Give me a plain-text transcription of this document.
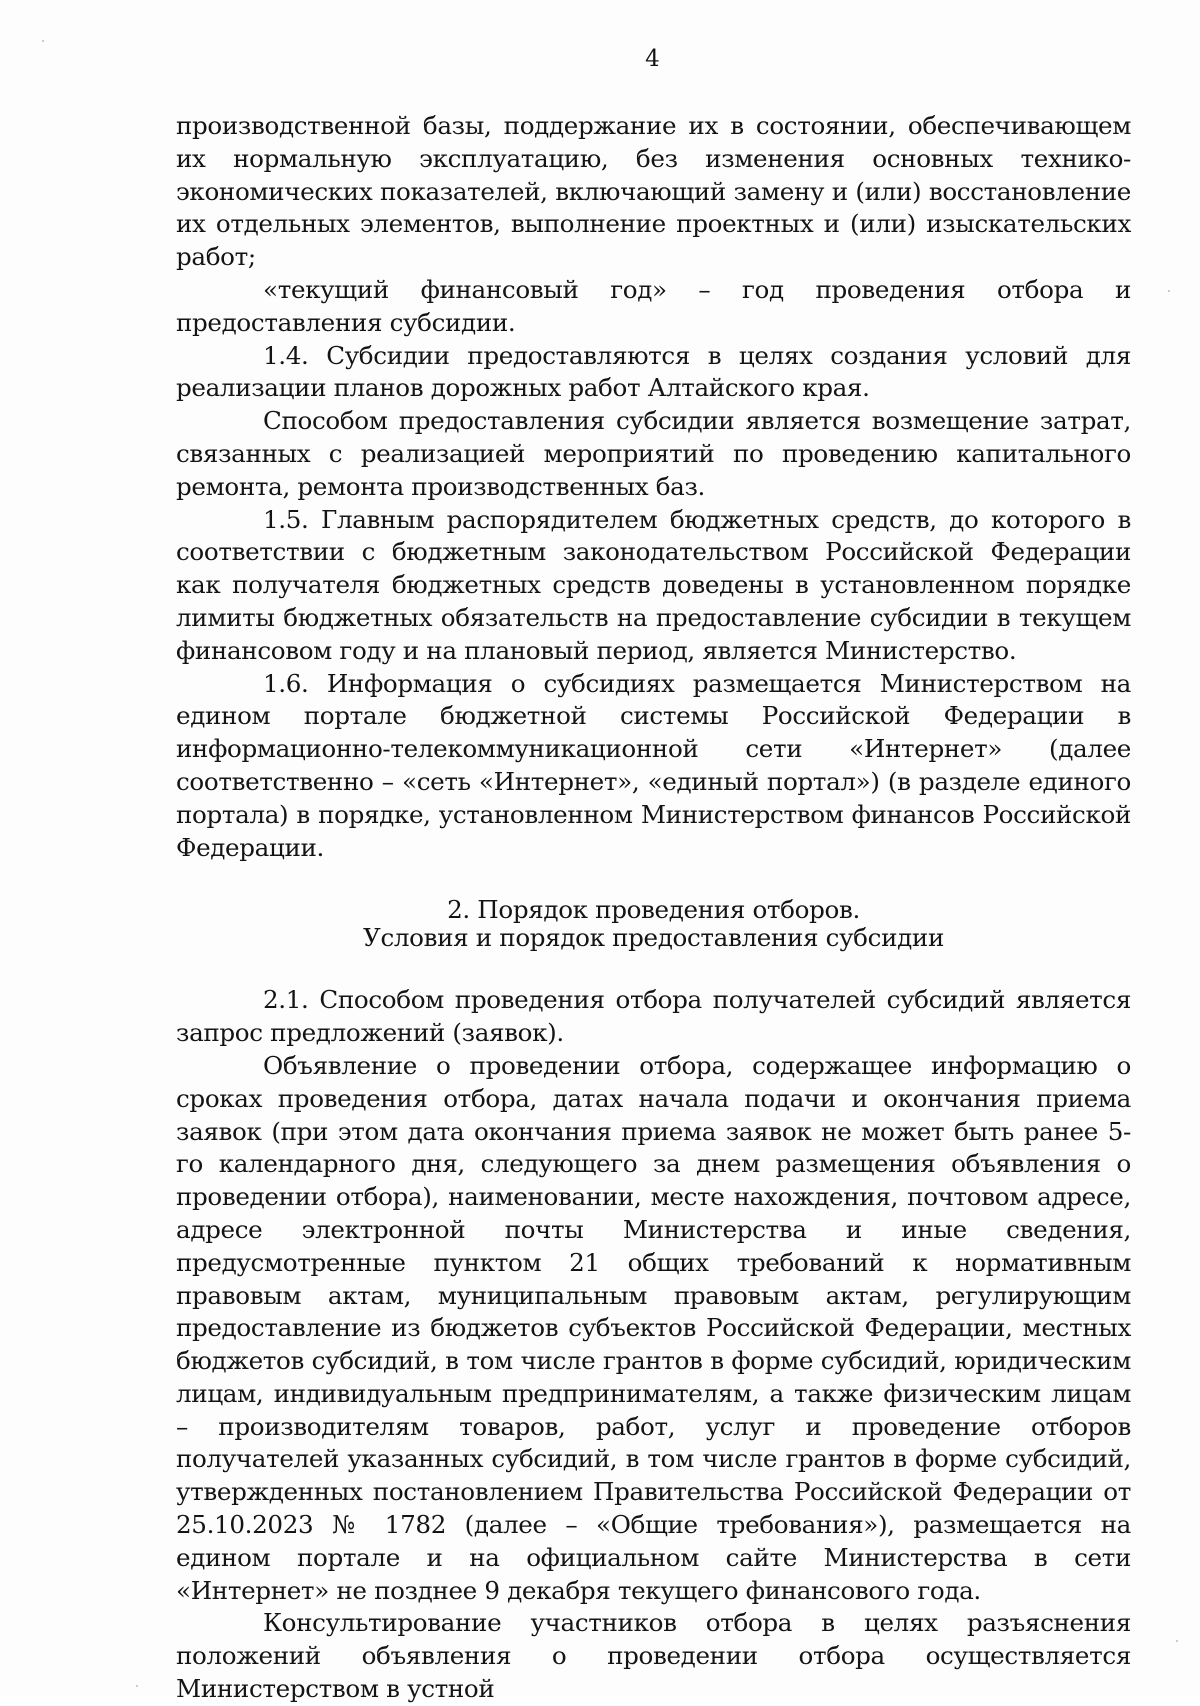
4

производственной базы, поддержание их в состоянии, обеспечивающем их нормальную эксплуатацию, без изменения основных технико-экономических показателей, включающий замену и (или) восстановление их отдельных элементов, выполнение проектных и (или) изыскательских работ;

«текущий финансовый год» – год проведения отбора и предоставления субсидии.

1.4. Субсидии предоставляются в целях создания условий для реализации планов дорожных работ Алтайского края.

Способом предоставления субсидии является возмещение затрат, связанных с реализацией мероприятий по проведению капитального ремонта, ремонта производственных баз.

1.5. Главным распорядителем бюджетных средств, до которого в соответствии с бюджетным законодательством Российской Федерации как получателя бюджетных средств доведены в установленном порядке лимиты бюджетных обязательств на предоставление субсидии в текущем финансовом году и на плановый период, является Министерство.

1.6. Информация о субсидиях размещается Министерством на едином портале бюджетной системы Российской Федерации в информационно-телекоммуникационной сети «Интернет» (далее соответственно – «сеть «Интернет», «единый портал») (в разделе единого портала) в порядке, установленном Министерством финансов Российской Федерации.

2. Порядок проведения отборов.
Условия и порядок предоставления субсидии

2.1. Способом проведения отбора получателей субсидий является запрос предложений (заявок).

Объявление о проведении отбора, содержащее информацию о сроках проведения отбора, датах начала подачи и окончания приема заявок (при этом дата окончания приема заявок не может быть ранее 5-го календарного дня, следующего за днем размещения объявления о проведении отбора), наименовании, месте нахождения, почтовом адресе, адресе электронной почты Министерства и иные сведения, предусмотренные пунктом 21 общих требований к нормативным правовым актам, муниципальным правовым актам, регулирующим предоставление из бюджетов субъектов Российской Федерации, местных бюджетов субсидий, в том числе грантов в форме субсидий, юридическим лицам, индивидуальным предпринимателям, а также физическим лицам – производителям товаров, работ, услуг и проведение отборов получателей указанных субсидий, в том числе грантов в форме субсидий, утвержденных постановлением Правительства Российской Федерации от 25.10.2023 № 1782 (далее – «Общие требования»), размещается на едином портале и на официальном сайте Министерства в сети «Интернет» не позднее 9 декабря текущего финансового года.

Консультирование участников отбора в целях разъяснения положений объявления о проведении отбора осуществляется Министерством в устной
